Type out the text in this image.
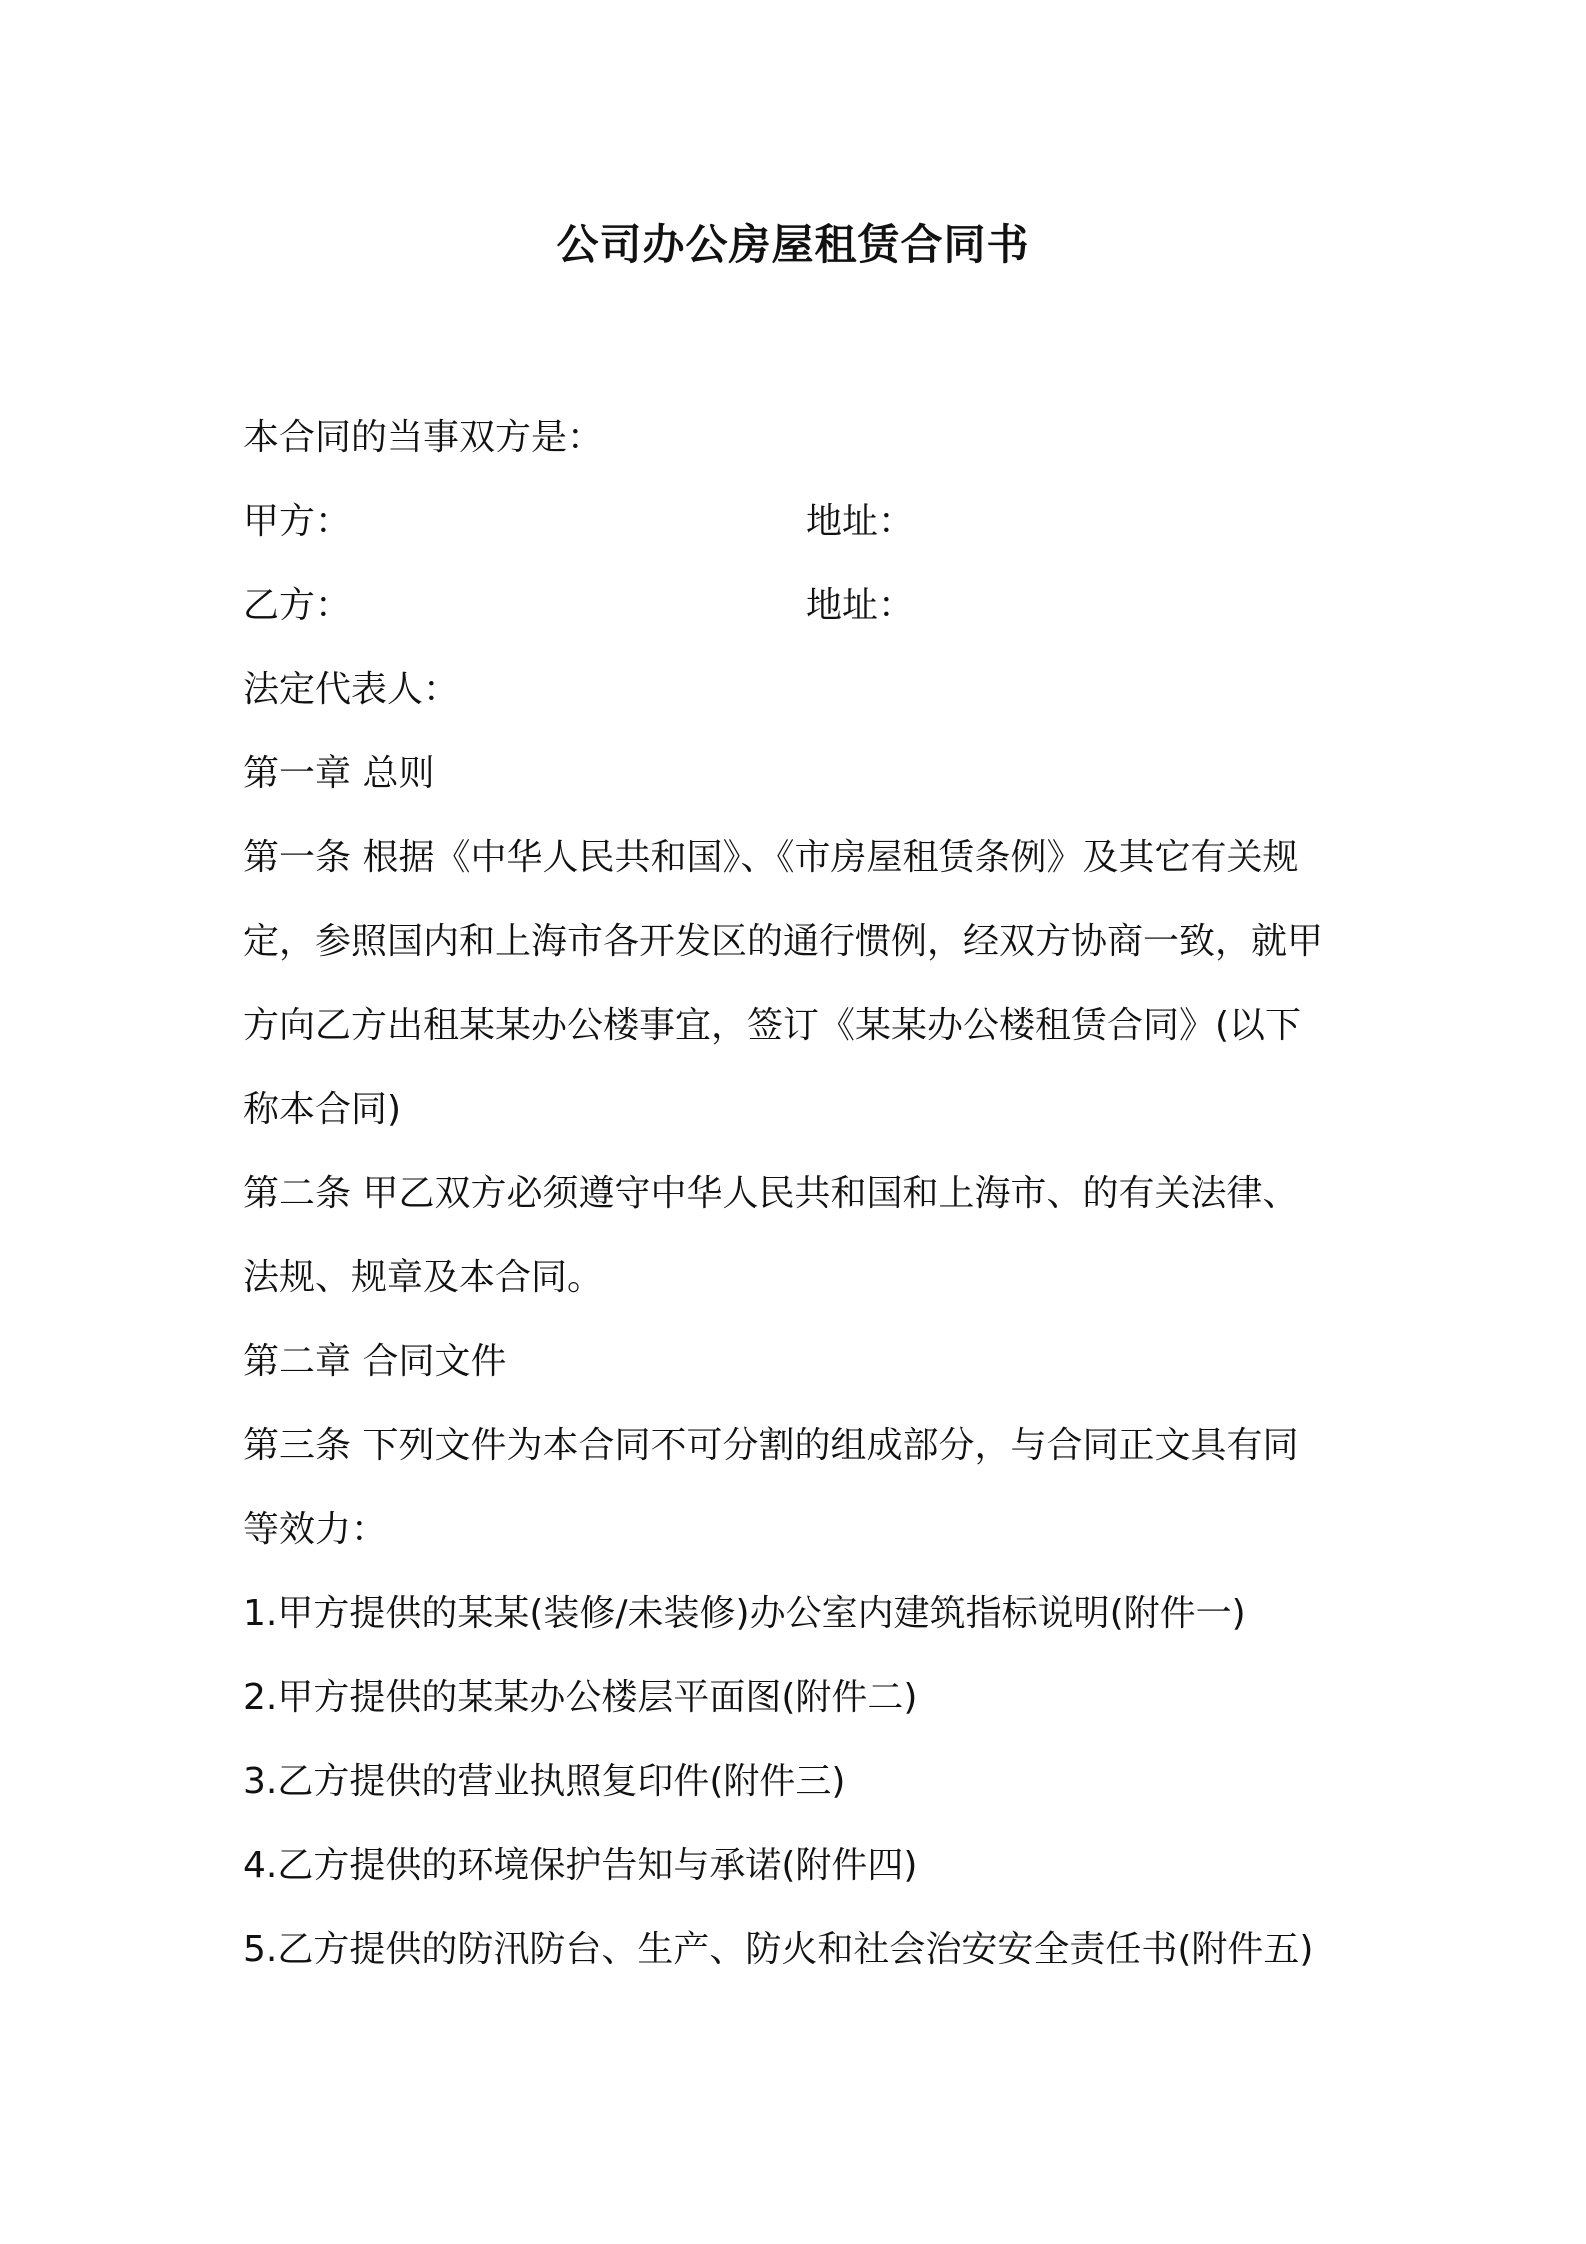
公司办公房屋租赁合同书
本合同的当事双方是：
甲方：	地址：
乙方：	地址：
法定代表人：
第一章 总则
第一条 根据《中华人民共和国》、《市房屋租赁条例》及其它有关规
定，参照国内和上海市各开发区的通行惯例，经双方协商一致，就甲
方向乙方出租某某办公楼事宜，签订《某某办公楼租赁合同》(以下
称本合同)
第二条 甲乙双方必须遵守中华人民共和国和上海市、的有关法律、
法规、规章及本合同。
第二章 合同文件
第三条 下列文件为本合同不可分割的组成部分，与合同正文具有同
等效力：
1.甲方提供的某某(装修/未装修)办公室内建筑指标说明(附件一)
2.甲方提供的某某办公楼层平面图(附件二)
3.乙方提供的营业执照复印件(附件三)
4.乙方提供的环境保护告知与承诺(附件四)
5.乙方提供的防汛防台、生产、防火和社会治安安全责任书(附件五)
